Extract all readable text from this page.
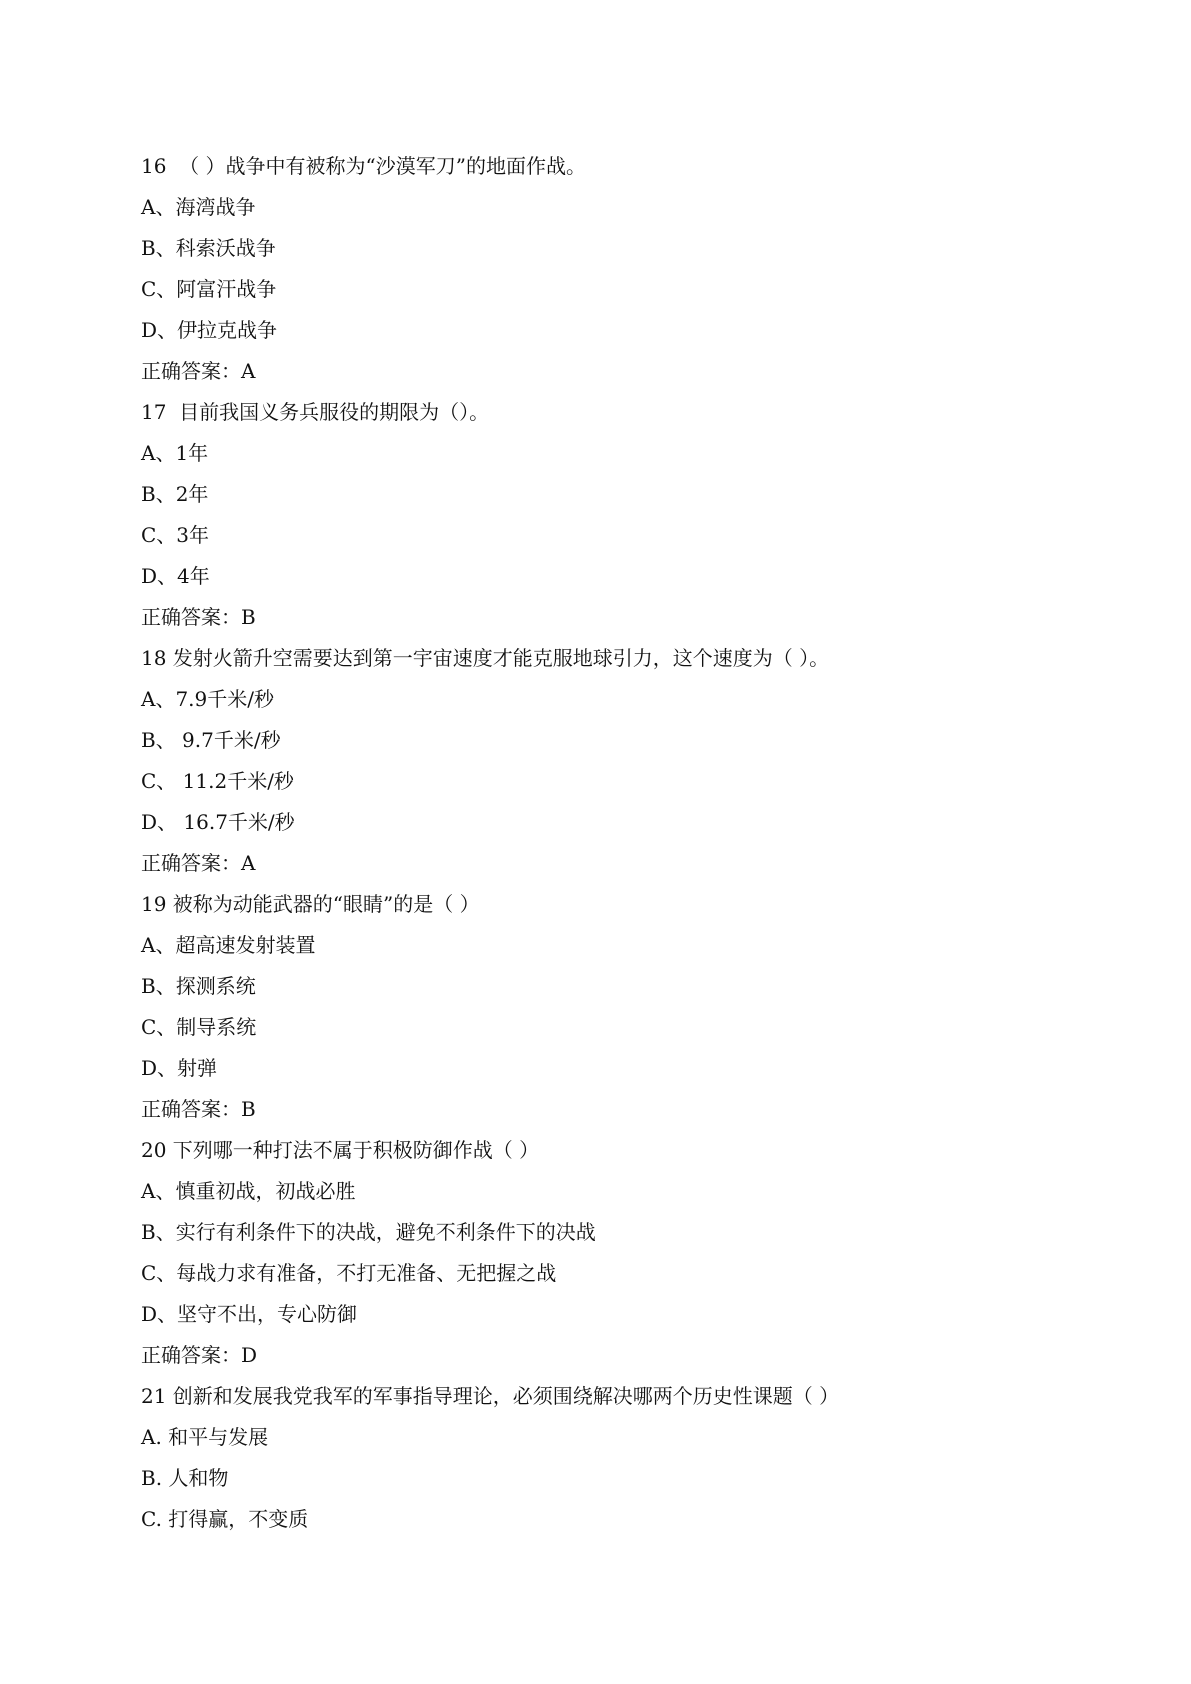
16  （ ）战争中有被称为“沙漠军刀”的地面作战。
A、海湾战争
B、科索沃战争
C、阿富汗战争
D、伊拉克战争
正确答案：A
17  目前我国义务兵服役的期限为（）。
A、1年
B、2年
C、3年
D、4年
正确答案：B
18 发射火箭升空需要达到第一宇宙速度才能克服地球引力，这个速度为（ ）。
A、7.9千米/秒
B、 9.7千米/秒
C、 11.2千米/秒
D、 16.7千米/秒
正确答案：A
19 被称为动能武器的“眼睛”的是（ ）
A、超高速发射装置
B、探测系统
C、制导系统
D、射弹
正确答案：B
20 下列哪一种打法不属于积极防御作战（ ）
A、慎重初战，初战必胜
B、实行有利条件下的决战，避免不利条件下的决战
C、每战力求有准备，不打无准备、无把握之战
D、坚守不出，专心防御
正确答案：D
21 创新和发展我党我军的军事指导理论，必须围绕解决哪两个历史性课题（ ）
A. 和平与发展
B. 人和物
C. 打得赢，不变质
